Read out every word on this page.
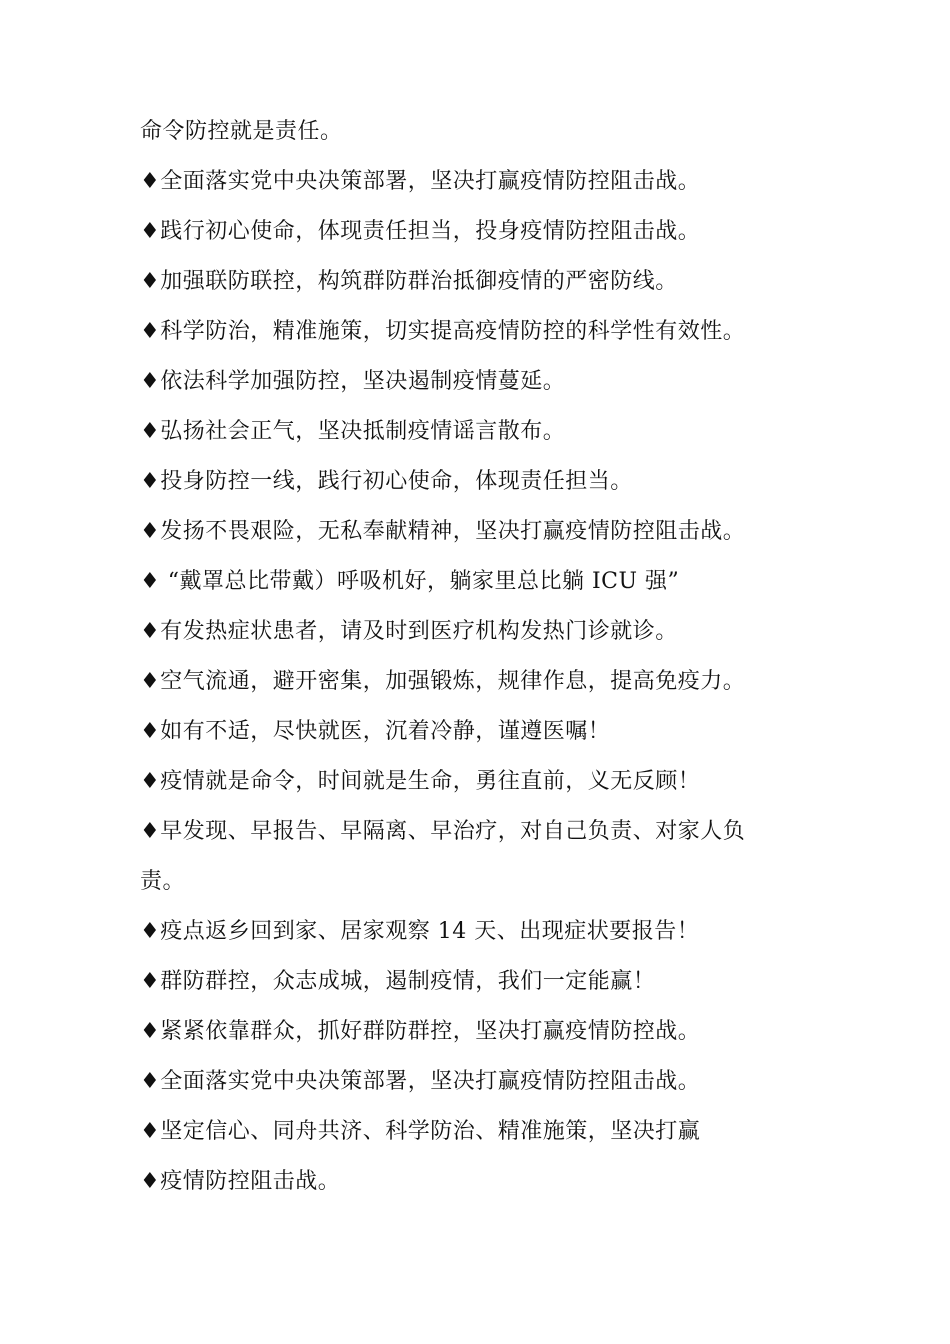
命令防控就是责任。
♦全面落实党中央决策部署，坚决打赢疫情防控阻击战。
♦践行初心使命，体现责任担当，投身疫情防控阻击战。
♦加强联防联控，构筑群防群治抵御疫情的严密防线。
♦科学防治，精准施策，切实提高疫情防控的科学性有效性。
♦依法科学加强防控，坚决遏制疫情蔓延。
♦弘扬社会正气，坚决抵制疫情谣言散布。
♦投身防控一线，践行初心使命，体现责任担当。
♦发扬不畏艰险，无私奉献精神，坚决打赢疫情防控阻击战。
♦ “戴罩总比带戴）呼吸机好，躺家里总比躺 ICU 强”
♦有发热症状患者，请及时到医疗机构发热门诊就诊。
♦空气流通，避开密集，加强锻炼，规律作息，提高免疫力。
♦如有不适，尽快就医，沉着冷静，谨遵医嘱！
♦疫情就是命令，时间就是生命，勇往直前，义无反顾！
♦早发现、早报告、早隔离、早治疗，对自己负责、对家人负
责。
♦疫点返乡回到家、居家观察 14 天、出现症状要报告！
♦群防群控，众志成城，遏制疫情，我们一定能赢！
♦紧紧依靠群众，抓好群防群控，坚决打赢疫情防控战。
♦全面落实党中央决策部署，坚决打赢疫情防控阻击战。
♦坚定信心、同舟共济、科学防治、精准施策，坚决打赢
♦疫情防控阻击战。
